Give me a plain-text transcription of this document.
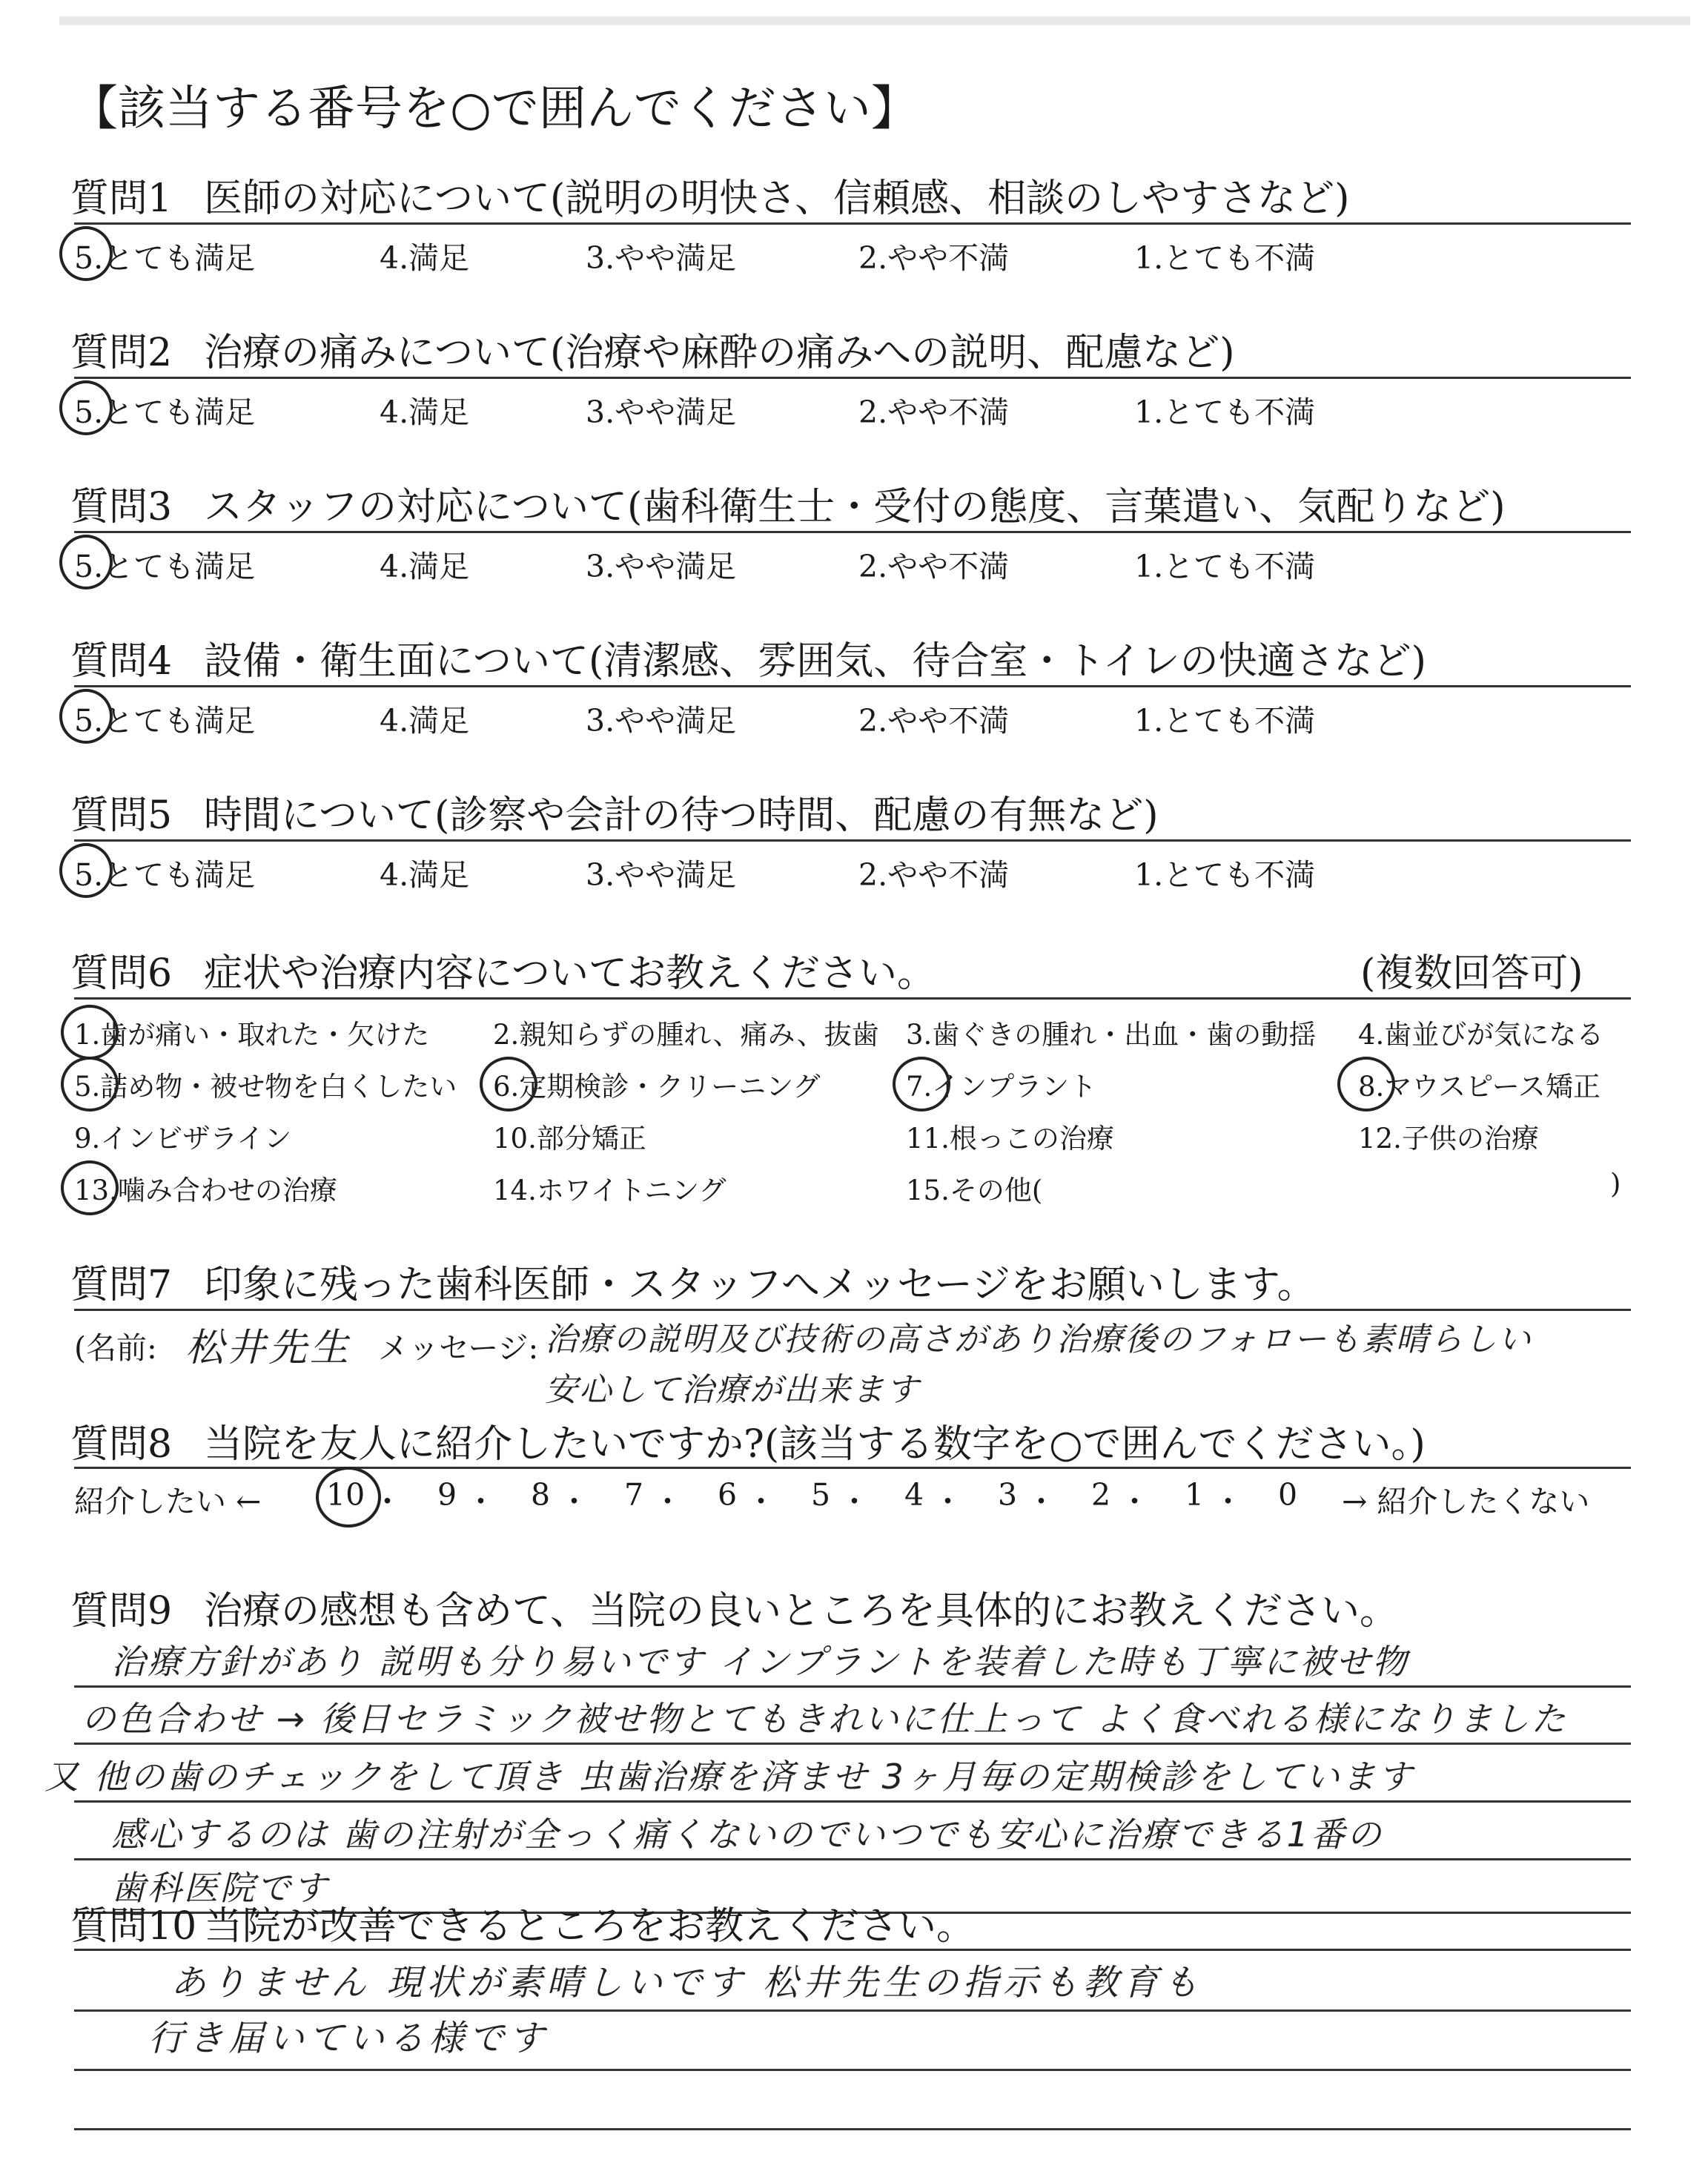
【該当する番号を○で囲んでください】
質問1 医師の対応について(説明の明快さ、信頼感、相談のしやすさなど)
5.とても満足	4.満足	3.やや満足	2.やや不満	1.とても不満
質問2 治療の痛みについて(治療や麻酔の痛みへの説明、配慮など)
5.とても満足	4.満足	3.やや満足	2.やや不満	1.とても不満
質問3 スタッフの対応について(歯科衛生士・受付の態度、言葉遣い、気配りなど)
5.とても満足	4.満足	3.やや満足	2.やや不満	1.とても不満
質問4 設備・衛生面について(清潔感、雰囲気、待合室・トイレの快適さなど)
5.とても満足	4.満足	3.やや満足	2.やや不満	1.とても不満
質問5 時間について(診察や会計の待つ時間、配慮の有無など)
5.とても満足	4.満足	3.やや満足	2.やや不満	1.とても不満
質問6 症状や治療内容についてお教えください。	(複数回答可)
1.歯が痛い・取れた・欠けた 2.親知らずの腫れ、痛み、抜歯 3.歯ぐきの腫れ・出血・歯の動揺 4.歯並びが気になる
5.詰め物・被せ物を白くしたい 6.定期検診・クリーニング	7.インプラント	8.マウスピース矯正
9.インビザライン	10.部分矯正	11.根っこの治療	12.子供の治療
13.噛み合わせの治療	14.ホワイトニング	15.その他(	)
質問7 印象に残った歯科医師・スタッフへメッセージをお願いします。
(名前: 松井先生 メッセージ: 治療の説明及び技術の高さがあり治療後のフォローも素晴らしい
安心して治療が出来ます
質問8 当院を友人に紹介したいですか?(該当する数字を○で囲んでください。)
紹介したい ← 10 ・ 9 ・ 8 ・ 7 ・ 6 ・ 5 ・ 4 ・ 3 ・ 2 ・ 1 ・ 0 → 紹介したくない
質問9 治療の感想も含めて、当院の良いところを具体的にお教えください。
治療方針があり 説明も分り易いです インプラントを装着した時も丁寧に被せ物
の色合わせ → 後日セラミック被せ物とてもきれいに仕上って よく食べれる様になりました
又 他の歯のチェックをして頂き 虫歯治療を済ませ 3ヶ月毎の定期検診をしています
感心するのは 歯の注射が全っく痛くないのでいつでも安心に治療できる1番の
歯科医院です
質問10 当院が改善できるところをお教えください。
ありません 現状が素晴しいです 松井先生の指示も教育も
行き届いている様です
